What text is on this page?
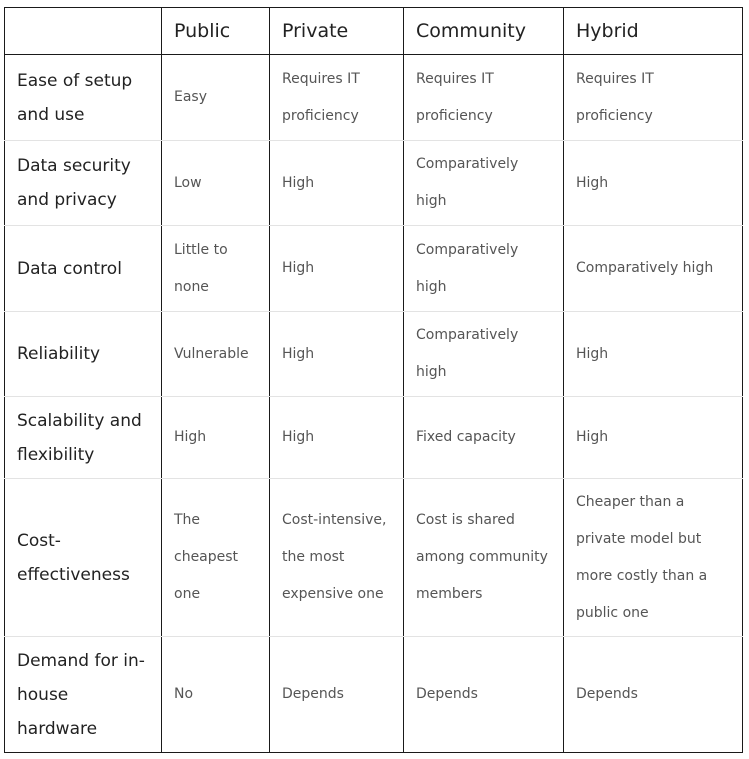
	Public	Private	Community	Hybrid
Ease of setup and use	Easy	Requires IT proficiency	Requires IT proficiency	Requires IT proficiency
Data security and privacy	Low	High	Comparatively high	High
Data control	Little to none	High	Comparatively high	Comparatively high
Reliability	Vulnerable	High	Comparatively high	High
Scalability and flexibility	High	High	Fixed capacity	High
Cost-effectiveness	The cheapest one	Cost-intensive, the most expensive one	Cost is shared among community members	Cheaper than a private model but more costly than a public one
Demand for in-house hardware	No	Depends	Depends	Depends
